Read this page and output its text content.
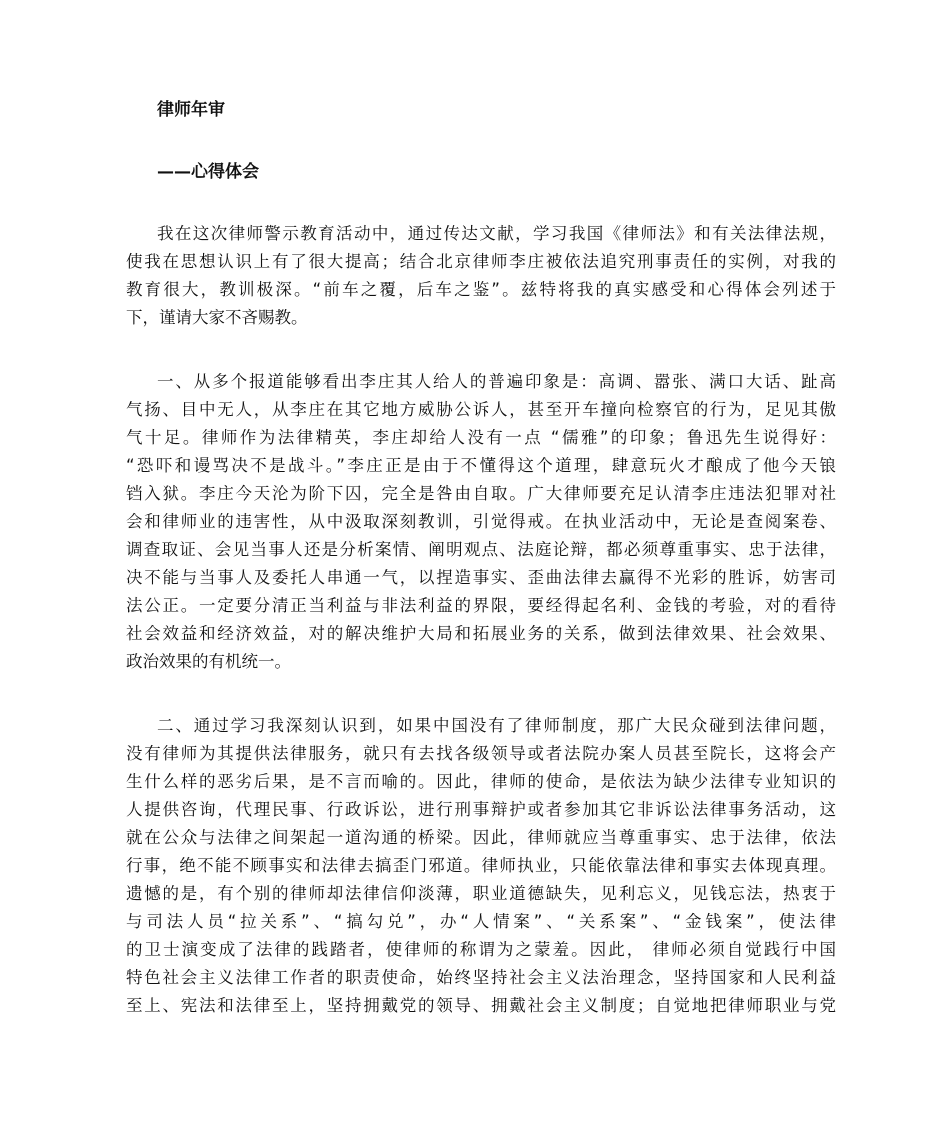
律师年审
——心得体会
我在这次律师警示教育活动中，通过传达文献，学习我国《律师法》和有关法律法规，
使我在思想认识上有了很大提高；结合北京律师李庄被依法追究刑事责任的实例，对我的
教育很大，教训极深。“前车之覆，后车之鉴”。兹特将我的真实感受和心得体会列述于
下，谨请大家不吝赐教。
一、从多个报道能够看出李庄其人给人的普遍印象是：高调、嚣张、满口大话、趾高
气扬、目中无人，从李庄在其它地方威胁公诉人，甚至开车撞向检察官的行为，足见其傲
气十足。律师作为法律精英，李庄却给人没有一点 “儒雅”的印象；鲁迅先生说得好：
“恐吓和谩骂决不是战斗。”李庄正是由于不懂得这个道理，肆意玩火才酿成了他今天锒
铛入狱。李庄今天沦为阶下囚，完全是咎由自取。广大律师要充足认清李庄违法犯罪对社
会和律师业的违害性，从中汲取深刻教训，引觉得戒。在执业活动中，无论是查阅案卷、
调查取证、会见当事人还是分析案情、阐明观点、法庭论辩，都必须尊重事实、忠于法律，
决不能与当事人及委托人串通一气，以捏造事实、歪曲法律去赢得不光彩的胜诉，妨害司
法公正。一定要分清正当利益与非法利益的界限，要经得起名利、金钱的考验，对的看待
社会效益和经济效益，对的解决维护大局和拓展业务的关系，做到法律效果、社会效果、
政治效果的有机统一。
二、通过学习我深刻认识到，如果中国没有了律师制度，那广大民众碰到法律问题，
没有律师为其提供法律服务，就只有去找各级领导或者法院办案人员甚至院长，这将会产
生什么样的恶劣后果，是不言而喻的。因此，律师的使命，是依法为缺少法律专业知识的
人提供咨询，代理民事、行政诉讼，进行刑事辩护或者参加其它非诉讼法律事务活动，这
就在公众与法律之间架起一道沟通的桥梁。因此，律师就应当尊重事实、忠于法律，依法
行事，绝不能不顾事实和法律去搞歪门邪道。律师执业，只能依靠法律和事实去体现真理。
遗憾的是，有个别的律师却法律信仰淡薄，职业道德缺失，见利忘义，见钱忘法，热衷于
与司法人员“拉关系”、“搞勾兑”，办“人情案”、“关系案”、“金钱案”，使法律
的卫士演变成了法律的践踏者，使律师的称谓为之蒙羞。因此， 律师必须自觉践行中国
特色社会主义法律工作者的职责使命，始终坚持社会主义法治理念，坚持国家和人民利益
至上、宪法和法律至上，坚持拥戴党的领导、拥戴社会主义制度；自觉地把律师职业与党
